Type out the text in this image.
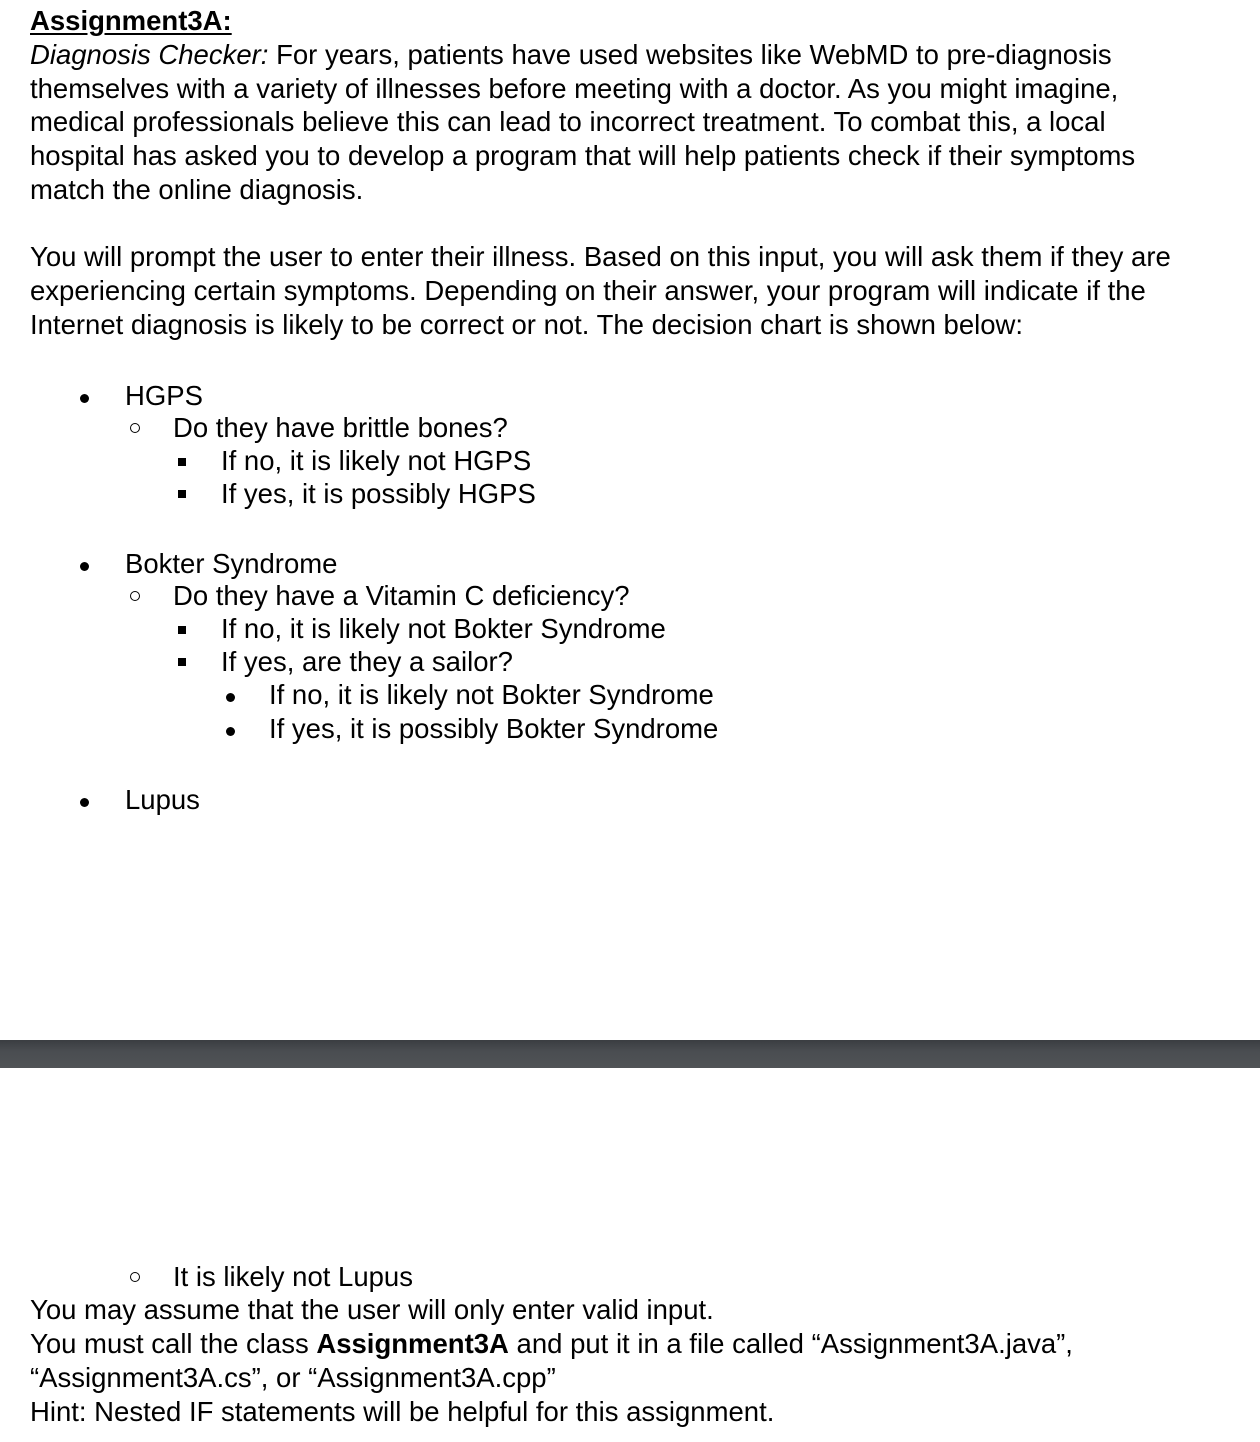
Assignment3A:
Diagnosis Checker: For years, patients have used websites like WebMD to pre-diagnosis
themselves with a variety of illnesses before meeting with a doctor. As you might imagine,
medical professionals believe this can lead to incorrect treatment. To combat this, a local
hospital has asked you to develop a program that will help patients check if their symptoms
match the online diagnosis.
You will prompt the user to enter their illness. Based on this input, you will ask them if they are
experiencing certain symptoms. Depending on their answer, your program will indicate if the
Internet diagnosis is likely to be correct or not. The decision chart is shown below:
HGPS
Do they have brittle bones?
If no, it is likely not HGPS
If yes, it is possibly HGPS
Bokter Syndrome
Do they have a Vitamin C deficiency?
If no, it is likely not Bokter Syndrome
If yes, are they a sailor?
If no, it is likely not Bokter Syndrome
If yes, it is possibly Bokter Syndrome
Lupus
It is likely not Lupus
You may assume that the user will only enter valid input.
You must call the class Assignment3A and put it in a file called “Assignment3A.java”,
“Assignment3A.cs”, or “Assignment3A.cpp”
Hint: Nested IF statements will be helpful for this assignment.
